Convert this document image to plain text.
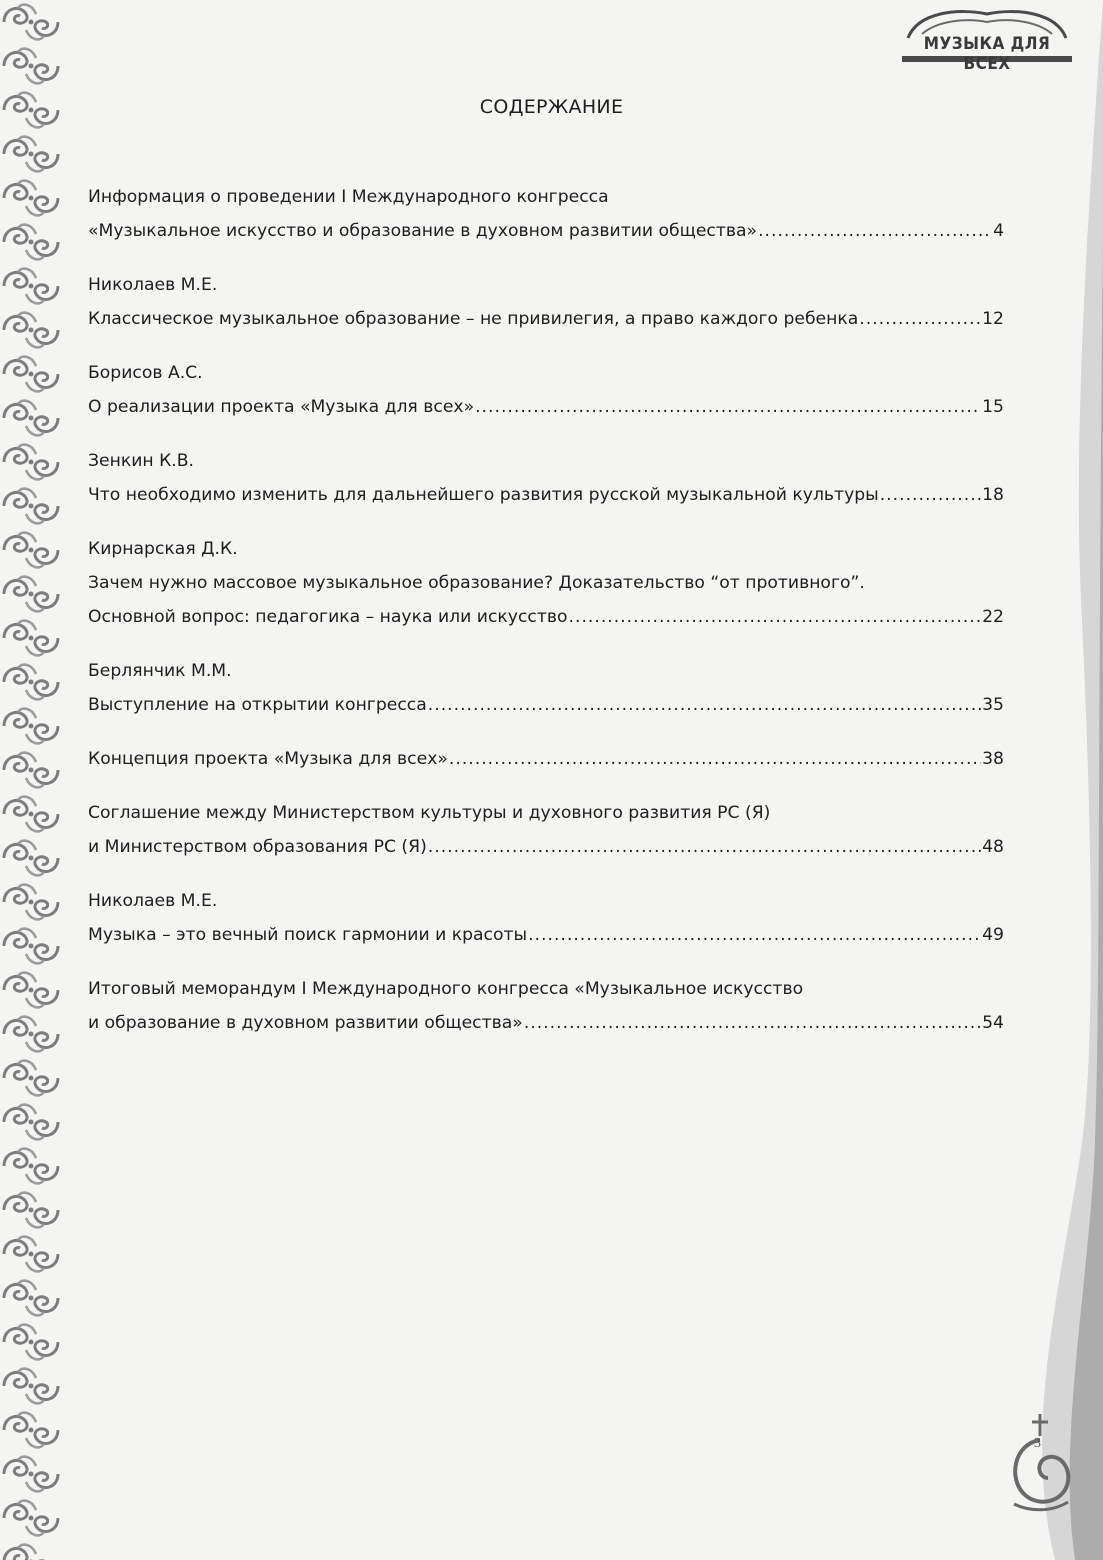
МУЗЫКА ДЛЯ ВСЕХ
СОДЕРЖАНИЕ
Информация о проведении I Международного конгресса
«Музыкальное искусство и образование в духовном развитии общества» .....	4
Николаев М.Е.
Классическое музыкальное образование – не привилегия, а право каждого ребенка .....	12
Борисов А.С.
О реализации проекта «Музыка для всех» .....	15
Зенкин К.В.
Что необходимо изменить для дальнейшего развития русской музыкальной культуры .....	18
Кирнарская Д.К.
Зачем нужно массовое музыкальное образование? Доказательство “от противного”.
Основной вопрос: педагогика – наука или искусство .....	22
Берлянчик М.М.
Выступление на открытии конгресса .....	35
Концепция проекта «Музыка для всех» .....	38
Соглашение между Министерством культуры и духовного развития РС (Я)
и Министерством образования РС (Я) .....	48
Николаев М.Е.
Музыка – это вечный поиск гармонии и красоты .....	49
Итоговый меморандум I Международного конгресса «Музыкальное искусство
и образование в духовном развитии общества» .....	54
3
